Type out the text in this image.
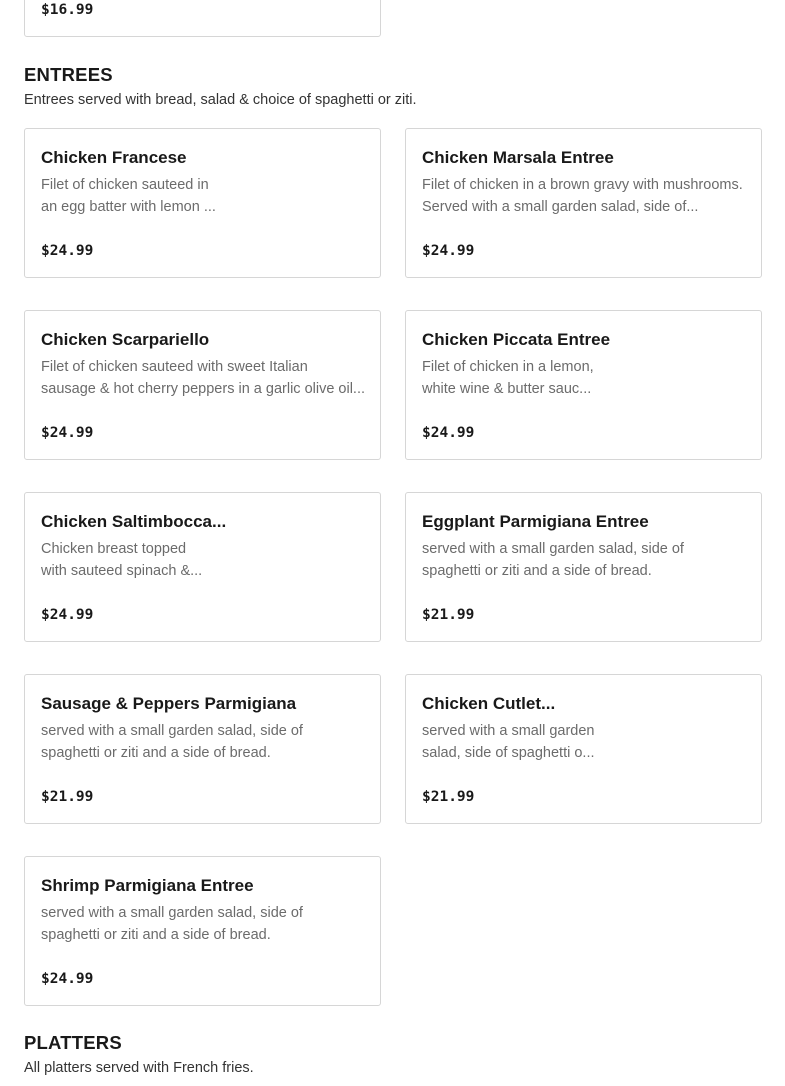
$16.99
ENTREES
Entrees served with bread, salad & choice of spaghetti or ziti.
Chicken Francese
Filet of chicken sauteed in
an egg batter with lemon ...
$24.99
Chicken Marsala Entree
Filet of chicken in a brown gravy with mushrooms.
Served with a small garden salad, side of...
$24.99
Chicken Scarpariello
Filet of chicken sauteed with sweet Italian
sausage & hot cherry peppers in a garlic olive oil...
$24.99
Chicken Piccata Entree
Filet of chicken in a lemon,
white wine & butter sauc...
$24.99
Chicken Saltimbocca...
Chicken breast topped
with sauteed spinach &...
$24.99
Eggplant Parmigiana Entree
served with a small garden salad, side of
spaghetti or ziti and a side of bread.
$21.99
Sausage & Peppers Parmigiana
served with a small garden salad, side of
spaghetti or ziti and a side of bread.
$21.99
Chicken Cutlet...
served with a small garden
salad, side of spaghetti o...
$21.99
Shrimp Parmigiana Entree
served with a small garden salad, side of
spaghetti or ziti and a side of bread.
$24.99
PLATTERS
All platters served with French fries.
